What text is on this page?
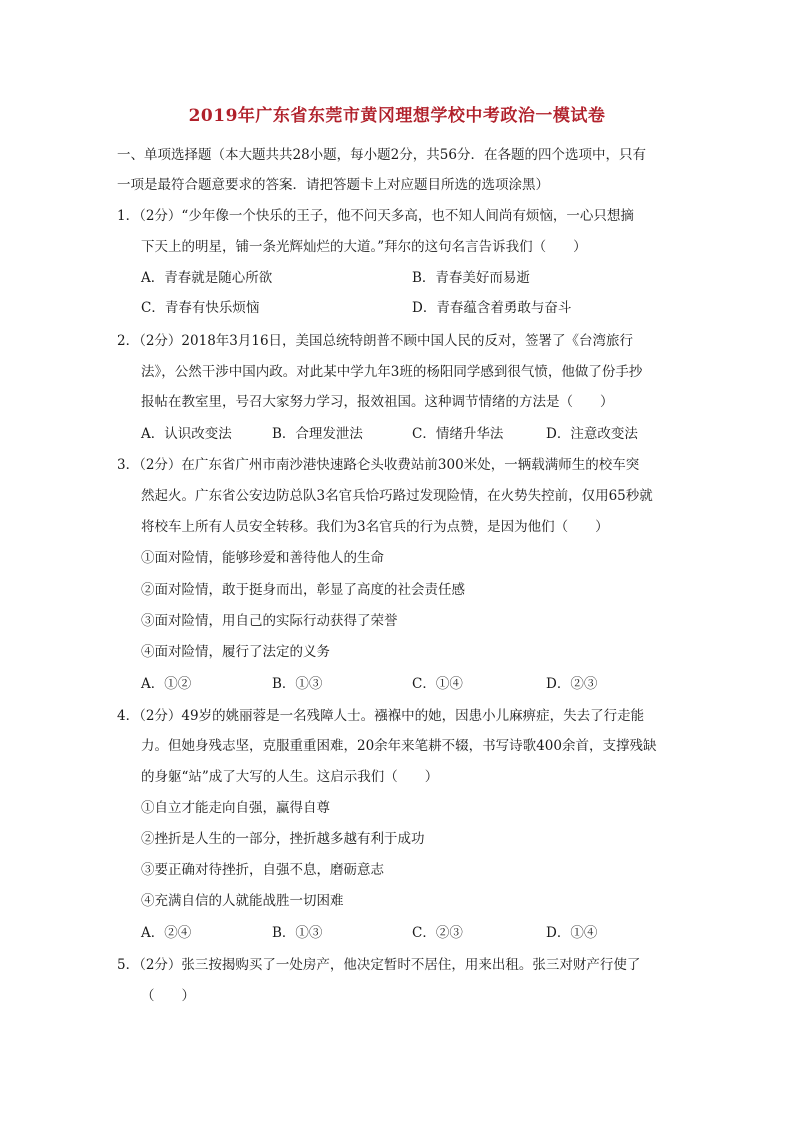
2019年广东省东莞市黄冈理想学校中考政治一模试卷
一、单项选择题（本大题共共28小题，每小题2分，共56分．在各题的四个选项中，只有
一项是最符合题意要求的答案．请把答题卡上对应题目所选的选项涂黑）
1．（2分）“少年像一个快乐的王子，他不问天多高，也不知人间尚有烦恼，一心只想摘
下天上的明星，铺一条光辉灿烂的大道。”拜尔的这句名言告诉我们（　　）
A．青春就是随心所欲	B．青春美好而易逝
C．青春有快乐烦恼	D．青春蕴含着勇敢与奋斗
2．（2分）2018年3月16日，美国总统特朗普不顾中国人民的反对，签署了《台湾旅行
法》，公然干涉中国内政。对此某中学九年3班的杨阳同学感到很气愤，他做了份手抄
报帖在教室里，号召大家努力学习，报效祖国。这种调节情绪的方法是（　　）
A．认识改变法	B．合理发泄法	C．情绪升华法	D．注意改变法
3．（2分）在广东省广州市南沙港快速路仑头收费站前300米处，一辆载满师生的校车突
然起火。广东省公安边防总队3名官兵恰巧路过发现险情，在火势失控前，仅用65秒就
将校车上所有人员安全转移。我们为3名官兵的行为点赞，是因为他们（　　）
①面对险情，能够珍爱和善待他人的生命
②面对险情，敢于挺身而出，彰显了高度的社会责任感
③面对险情，用自己的实际行动获得了荣誉
④面对险情，履行了法定的义务
A．①②	B．①③	C．①④	D．②③
4．（2分）49岁的姚丽蓉是一名残障人士。襁褓中的她，因患小儿麻痹症，失去了行走能
力。但她身残志坚，克服重重困难，20余年来笔耕不辍，书写诗歌400余首，支撑残缺
的身躯“站”成了大写的人生。这启示我们（　　）
①自立才能走向自强，赢得自尊
②挫折是人生的一部分，挫折越多越有利于成功
③要正确对待挫折，自强不息，磨砺意志
④充满自信的人就能战胜一切困难
A．②④	B．①③	C．②③	D．①④
5．（2分）张三按揭购买了一处房产，他决定暂时不居住，用来出租。张三对财产行使了
（　　）
